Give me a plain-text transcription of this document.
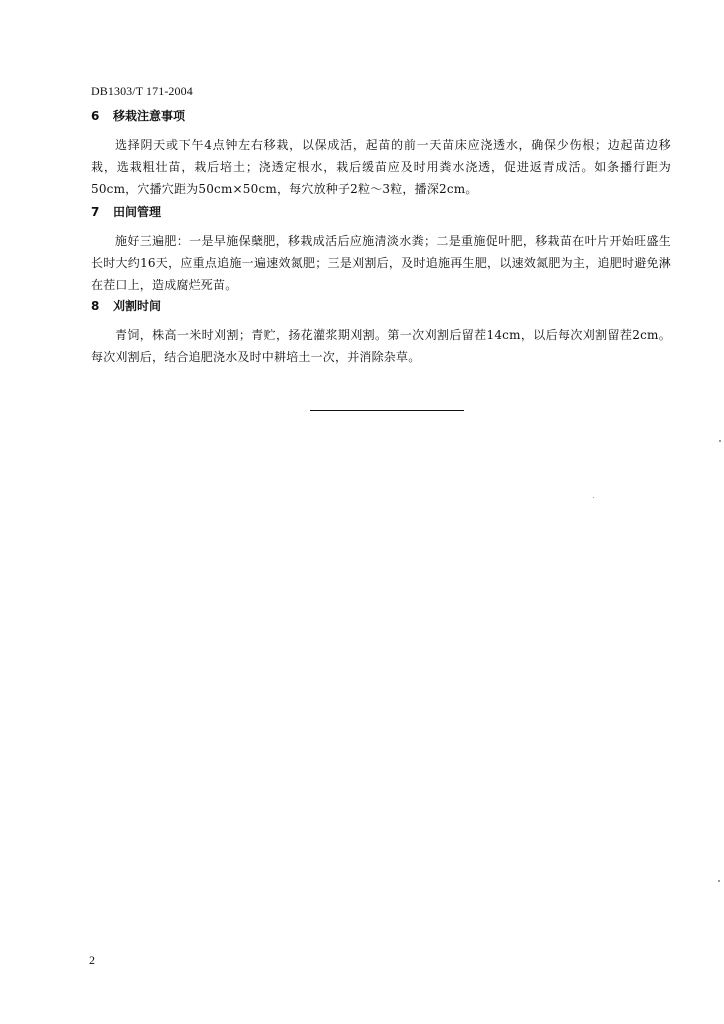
DB1303/T 171-2004
6	移栽注意事项

选择阴天或下午4点钟左右移栽，以保成活，起苗的前一天苗床应浇透水，确保少伤根；边起苗边移栽，选栽粗壮苗，栽后培土；浇透定根水，栽后缓苗应及时用粪水浇透，促进返青成活。如条播行距为50cm，穴播穴距为50cm×50cm，每穴放种子2粒～3粒，播深2cm。

7	田间管理

施好三遍肥：一是早施保蘖肥，移栽成活后应施清淡水粪；二是重施促叶肥，移栽苗在叶片开始旺盛生长时大约16天，应重点追施一遍速效氮肥；三是刈割后，及时追施再生肥，以速效氮肥为主，追肥时避免淋在茬口上，造成腐烂死苗。

8	刈割时间

青饲，株高一米时刈割；青贮，扬花灌浆期刈割。第一次刈割后留茬14cm，以后每次刈割留茬2cm。每次刈割后，结合追肥浇水及时中耕培土一次，并消除杂草。

2
